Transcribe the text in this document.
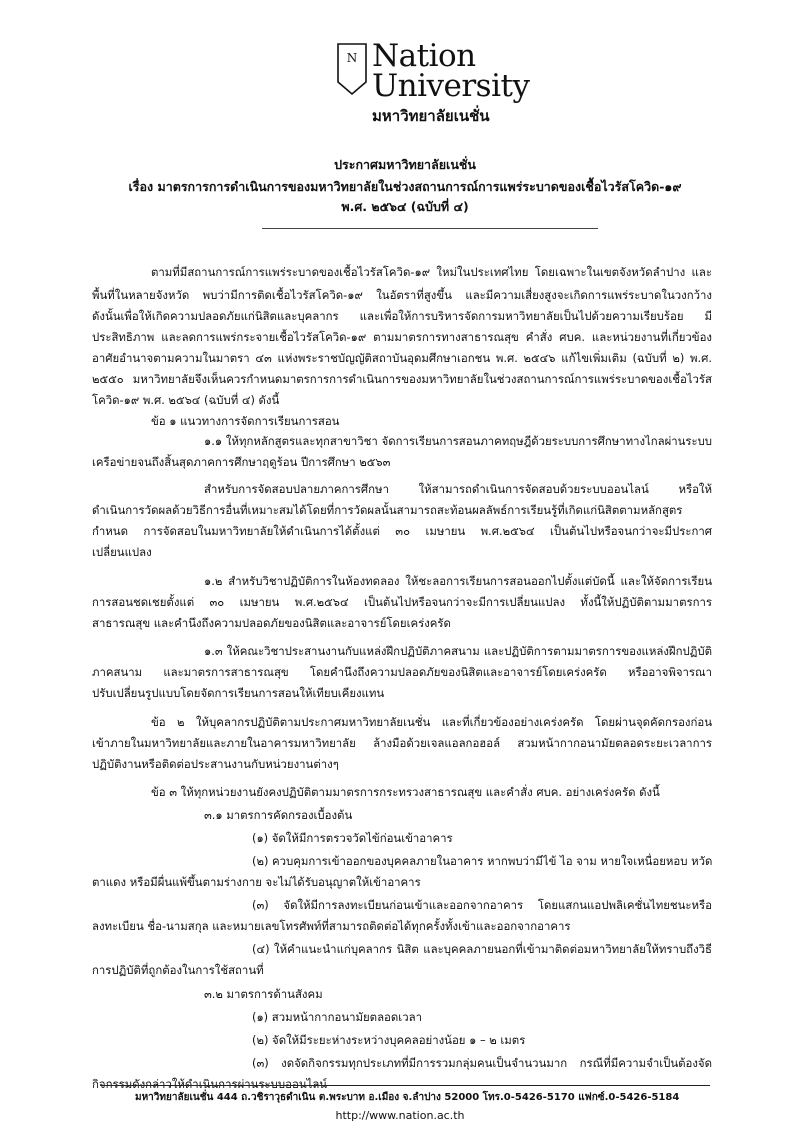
N Nation
University
มหาวิทยาลัยเนชั่น
ประกาศมหาวิทยาลัยเนชั่น
เรื่อง มาตรการการดำเนินการของมหาวิทยาลัยในช่วงสถานการณ์การแพร่ระบาดของเชื้อไวรัสโควิด-๑๙
พ.ศ. ๒๕๖๔ (ฉบับที่ ๔)
ตามที่มีสถานการณ์การแพร่ระบาดของเชื้อไวรัสโควิด-๑๙ ใหม่ในประเทศไทย โดยเฉพาะในเขตจังหวัดลำปาง และ
พื้นที่ในหลายจังหวัด พบว่ามีการติดเชื้อไวรัสโควิด-๑๙ ในอัตราที่สูงขึ้น และมีความเสี่ยงสูงจะเกิดการแพร่ระบาดในวงกว้าง
ดังนั้นเพื่อให้เกิดความปลอดภัยแก่นิสิตและบุคลากร และเพื่อให้การบริหารจัดการมหาวิทยาลัยเป็นไปด้วยความเรียบร้อย มี
ประสิทธิภาพ และลดการแพร่กระจายเชื้อไวรัสโควิด-๑๙ ตามมาตรการทางสาธารณสุข คำสั่ง ศบค. และหน่วยงานที่เกี่ยวข้อง
อาศัยอำนาจตามความในมาตรา ๔๓ แห่งพระราชบัญญัติสถาบันอุดมศึกษาเอกชน พ.ศ. ๒๕๔๖ แก้ไขเพิ่มเติม (ฉบับที่ ๒) พ.ศ.
๒๕๕๐ มหาวิทยาลัยจึงเห็นควรกำหนดมาตรการการดำเนินการของมหาวิทยาลัยในช่วงสถานการณ์การแพร่ระบาดของเชื้อไวรัส
โควิด-๑๙ พ.ศ. ๒๕๖๔ (ฉบับที่ ๔) ดังนี้
ข้อ ๑ แนวทางการจัดการเรียนการสอน
๑.๑ ให้ทุกหลักสูตรและทุกสาขาวิชา จัดการเรียนการสอนภาคทฤษฎีด้วยระบบการศึกษาทางไกลผ่านระบบ
เครือข่ายจนถึงสิ้นสุดภาคการศึกษาฤดูร้อน ปีการศึกษา ๒๕๖๓
สำหรับการจัดสอบปลายภาคการศึกษา ให้สามารถดำเนินการจัดสอบด้วยระบบออนไลน์ หรือให้
ดำเนินการวัดผลด้วยวิธีการอื่นที่เหมาะสมได้โดยที่การวัดผลนั้นสามารถสะท้อนผลลัพธ์การเรียนรู้ที่เกิดแก่นิสิตตามหลักสูตร
กำหนด การจัดสอบในมหาวิทยาลัยให้ดำเนินการได้ตั้งแต่ ๓๐ เมษายน พ.ศ.๒๕๖๔ เป็นต้นไปหรือจนกว่าจะมีประกาศ
เปลี่ยนแปลง
๑.๒ สำหรับวิชาปฏิบัติการในห้องทดลอง ให้ชะลอการเรียนการสอนออกไปตั้งแต่บัดนี้ และให้จัดการเรียน
การสอนชดเชยตั้งแต่ ๓๐ เมษายน พ.ศ.๒๕๖๔ เป็นต้นไปหรือจนกว่าจะมีการเปลี่ยนแปลง ทั้งนี้ให้ปฏิบัติตามมาตรการ
สาธารณสุข และคำนึงถึงความปลอดภัยของนิสิตและอาจารย์โดยเคร่งครัด
๑.๓ ให้คณะวิชาประสานงานกับแหล่งฝึกปฏิบัติภาคสนาม และปฏิบัติการตามมาตรการของแหล่งฝึกปฏิบัติ
ภาคสนาม และมาตรการสาธารณสุข โดยคำนึงถึงความปลอดภัยของนิสิตและอาจารย์โดยเคร่งครัด หรืออาจพิจารณา
ปรับเปลี่ยนรูปแบบโดยจัดการเรียนการสอนให้เทียบเคียงแทน
ข้อ ๒ ให้บุคลากรปฏิบัติตามประกาศมหาวิทยาลัยเนชั่น และที่เกี่ยวข้องอย่างเคร่งครัด โดยผ่านจุดคัดกรองก่อน
เข้าภายในมหาวิทยาลัยและภายในอาคารมหาวิทยาลัย ล้างมือด้วยเจลแอลกอฮอล์ สวมหน้ากากอนามัยตลอดระยะเวลาการ
ปฏิบัติงานหรือติดต่อประสานงานกับหน่วยงานต่างๆ
ข้อ ๓ ให้ทุกหน่วยงานยังคงปฏิบัติตามมาตรการกระทรวงสาธารณสุข และคำสั่ง ศบค. อย่างเคร่งครัด ดังนี้
๓.๑ มาตรการคัดกรองเบื้องต้น
(๑) จัดให้มีการตรวจวัดไข้ก่อนเข้าอาคาร
(๒) ควบคุมการเข้าออกของบุคคลภายในอาคาร หากพบว่ามีไข้ ไอ จาม หายใจเหนื่อยหอบ หวัด
ตาแดง หรือมีผื่นแพ้ขึ้นตามร่างกาย จะไม่ได้รับอนุญาตให้เข้าอาคาร
(๓) จัดให้มีการลงทะเบียนก่อนเข้าและออกจากอาคาร โดยแสกนแอปพลิเคชั่นไทยชนะหรือ
ลงทะเบียน ชื่อ-นามสกุล และหมายเลขโทรศัพท์ที่สามารถติดต่อได้ทุกครั้งทั้งเข้าและออกจากอาคาร
(๔) ให้คำแนะนำแก่บุคลากร นิสิต และบุคคลภายนอกที่เข้ามาติดต่อมหาวิทยาลัยให้ทราบถึงวิธี
การปฏิบัติที่ถูกต้องในการใช้สถานที่
๓.๒ มาตรการด้านสังคม
(๑) สวมหน้ากากอนามัยตลอดเวลา
(๒) จัดให้มีระยะห่างระหว่างบุคคลอย่างน้อย ๑ – ๒ เมตร
(๓) งดจัดกิจกรรมทุกประเภทที่มีการรวมกลุ่มคนเป็นจำนวนมาก กรณีที่มีความจำเป็นต้องจัด
กิจกรรมดังกล่าวให้ดำเนินการผ่านระบบออนไลน์
มหาวิทยาลัยเนชั่น 444 ถ.วชิราวุธดำเนิน ต.พระบาท อ.เมือง จ.ลำปาง 52000 โทร.0-5426-5170 แฟกซ์.0-5426-5184
http://www.nation.ac.th
